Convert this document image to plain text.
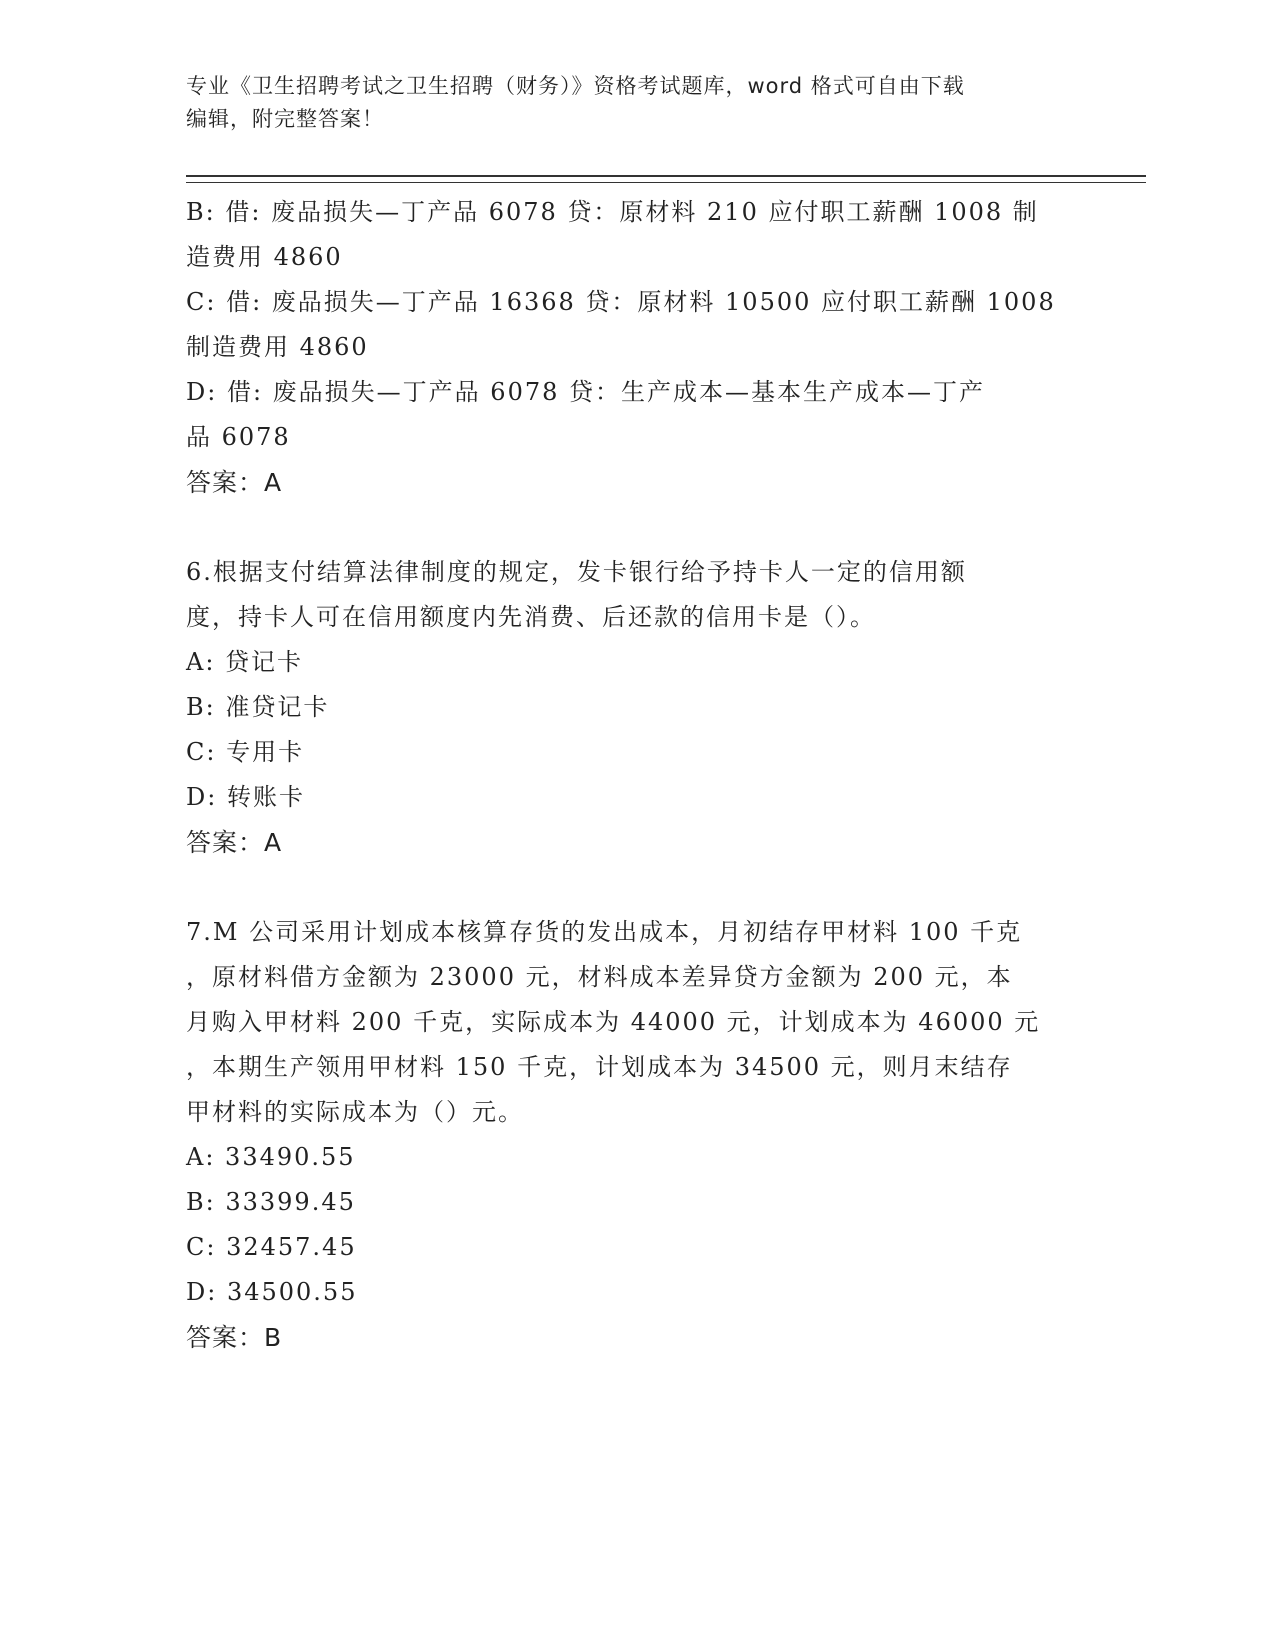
专业《卫生招聘考试之卫生招聘（财务）》资格考试题库，word 格式可自由下载
编辑，附完整答案！
B: 借: 废品损失—丁产品 6078 贷：原材料 210 应付职工薪酬 1008 制
造费用 4860
C: 借: 废品损失—丁产品 16368 贷：原材料 10500 应付职工薪酬 1008
制造费用 4860
D: 借: 废品损失—丁产品 6078 贷：生产成本—基本生产成本—丁产
品 6078
答案：A
6.根据支付结算法律制度的规定，发卡银行给予持卡人一定的信用额
度，持卡人可在信用额度内先消费、后还款的信用卡是（）。
A: 贷记卡
B: 准贷记卡
C: 专用卡
D: 转账卡
答案：A
7.M 公司采用计划成本核算存货的发出成本，月初结存甲材料 100 千克
，原材料借方金额为 23000 元，材料成本差异贷方金额为 200 元，本
月购入甲材料 200 千克，实际成本为 44000 元，计划成本为 46000 元
，本期生产领用甲材料 150 千克，计划成本为 34500 元，则月末结存
甲材料的实际成本为（）元。
A: 33490.55
B: 33399.45
C: 32457.45
D: 34500.55
答案：B
